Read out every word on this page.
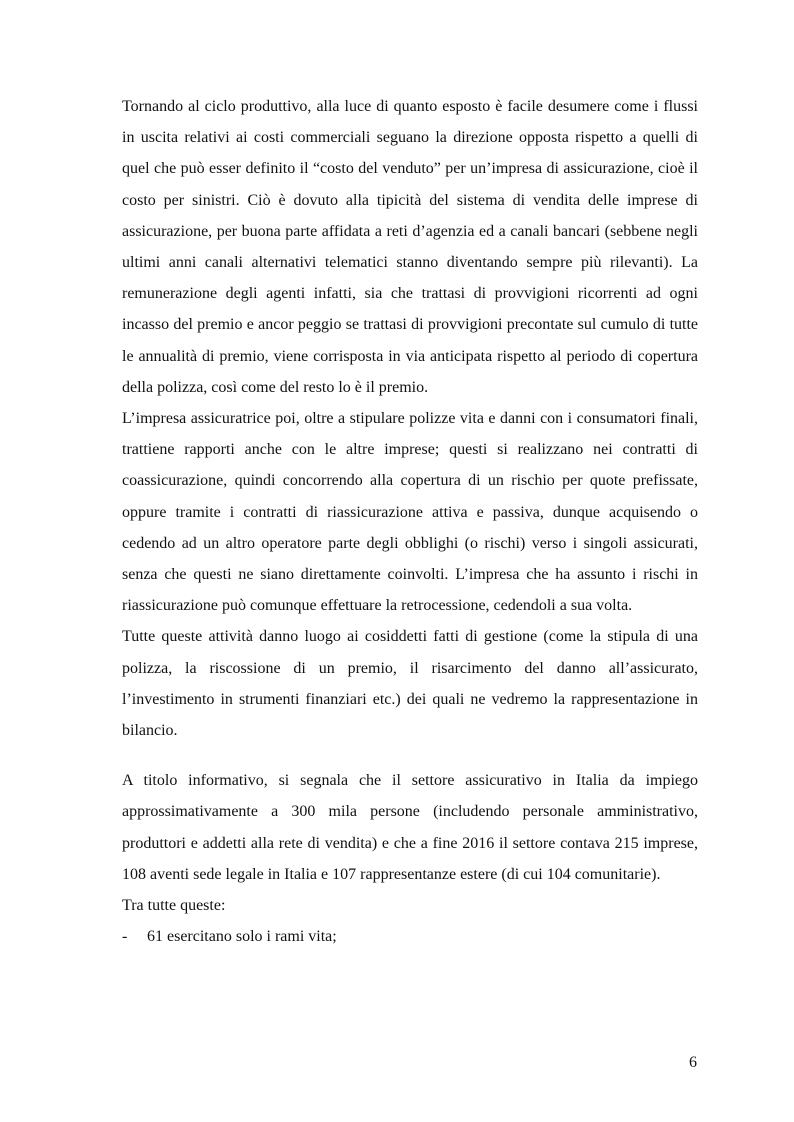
Tornando al ciclo produttivo, alla luce di quanto esposto è facile desumere come i flussi in uscita relativi ai costi commerciali seguano la direzione opposta rispetto a quelli di quel che può esser definito il “costo del venduto” per un’impresa di assicurazione, cioè il costo per sinistri. Ciò è dovuto alla tipicità del sistema di vendita delle imprese di assicurazione, per buona parte affidata a reti d’agenzia ed a canali bancari (sebbene negli ultimi anni canali alternativi telematici stanno diventando sempre più rilevanti). La remunerazione degli agenti infatti, sia che trattasi di provvigioni ricorrenti ad ogni incasso del premio e ancor peggio se trattasi di provvigioni precontate sul cumulo di tutte le annualità di premio, viene corrisposta in via anticipata rispetto al periodo di copertura della polizza, così come del resto lo è il premio.

L’impresa assicuratrice poi, oltre a stipulare polizze vita e danni con i consumatori finali, trattiene rapporti anche con le altre imprese; questi si realizzano nei contratti di coassicurazione, quindi concorrendo alla copertura di un rischio per quote prefissate, oppure tramite i contratti di riassicurazione attiva e passiva, dunque acquisendo o cedendo ad un altro operatore parte degli obblighi (o rischi) verso i singoli assicurati, senza che questi ne siano direttamente coinvolti. L’impresa che ha assunto i rischi in riassicurazione può comunque effettuare la retrocessione, cedendoli a sua volta.

Tutte queste attività danno luogo ai cosiddetti fatti di gestione (come la stipula di una polizza, la riscossione di un premio, il risarcimento del danno all’assicurato, l’investimento in strumenti finanziari etc.) dei quali ne vedremo la rappresentazione in bilancio.

A titolo informativo, si segnala che il settore assicurativo in Italia da impiego approssimativamente a 300 mila persone (includendo personale amministrativo, produttori e addetti alla rete di vendita) e che a fine 2016 il settore contava 215 imprese, 108 aventi sede legale in Italia e 107 rappresentanze estere (di cui 104 comunitarie).

Tra tutte queste:

-	61 esercitano solo i rami vita;
6
